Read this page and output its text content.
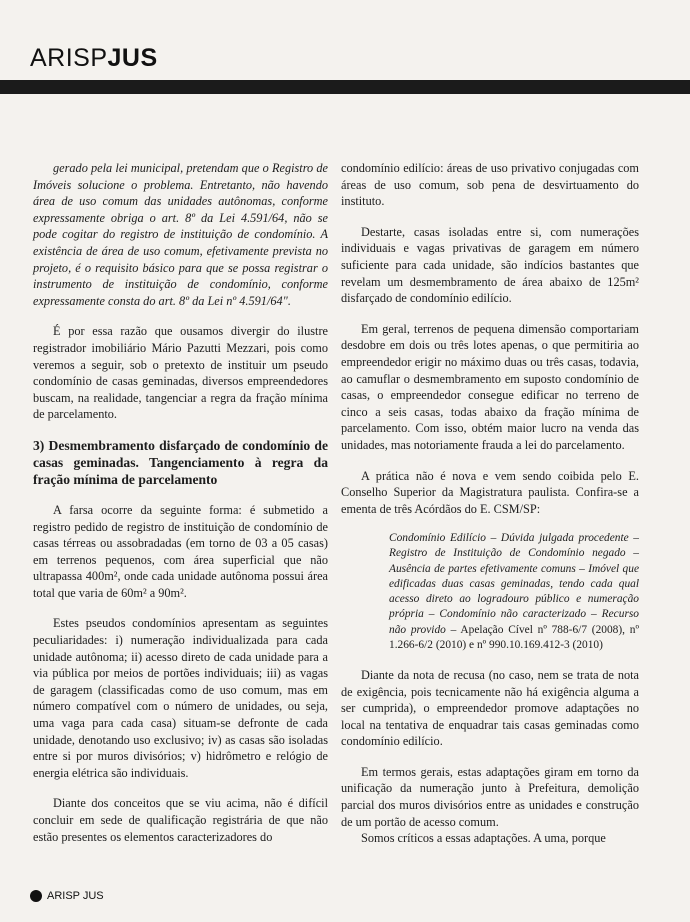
ARISPJUS

gerado pela lei municipal, pretendam que o Registro de Imóveis solucione o problema. Entretanto, não havendo área de uso comum das unidades autônomas, conforme expressamente obriga o art. 8º da Lei 4.591/64, não se pode cogitar do registro de instituição de condomínio. A existência de área de uso comum, efetivamente prevista no projeto, é o requisito básico para que se possa registrar o instrumento de instituição de condomínio, conforme expressamente consta do art. 8º da Lei nº 4.591/64".

É por essa razão que ousamos divergir do ilustre registrador imobiliário Mário Pazutti Mezzari, pois como veremos a seguir, sob o pretexto de instituir um pseudo condomínio de casas geminadas, diversos empreendedores buscam, na realidade, tangenciar a regra da fração mínima de parcelamento.

3) Desmembramento disfarçado de condomínio de casas geminadas. Tangenciamento à regra da fração mínima de parcelamento

A farsa ocorre da seguinte forma: é submetido a registro pedido de registro de instituição de condomínio de casas térreas ou assobradadas (em torno de 03 a 05 casas) em terrenos pequenos, com área superficial que não ultrapassa 400m², onde cada unidade autônoma possui área total que varia de 60m² a 90m².

Estes pseudos condomínios apresentam as seguintes peculiaridades: i) numeração individualizada para cada unidade autônoma; ii) acesso direto de cada unidade para a via pública por meios de portões individuais; iii) as vagas de garagem (classificadas como de uso comum, mas em número compatível com o número de unidades, ou seja, uma vaga para cada casa) situam-se defronte de cada unidade, denotando uso exclusivo; iv) as casas são isoladas entre si por muros divisórios; v) hidrômetro e relógio de energia elétrica são individuais.

Diante dos conceitos que se viu acima, não é difícil concluir em sede de qualificação registrária de que não estão presentes os elementos caracterizadores do

condomínio edilício: áreas de uso privativo conjugadas com áreas de uso comum, sob pena de desvirtuamento do instituto.

Destarte, casas isoladas entre si, com numerações individuais e vagas privativas de garagem em número suficiente para cada unidade, são indícios bastantes que revelam um desmembramento de área abaixo de 125m² disfarçado de condomínio edilício.

Em geral, terrenos de pequena dimensão comportariam desdobre em dois ou três lotes apenas, o que permitiria ao empreendedor erigir no máximo duas ou três casas, todavia, ao camuflar o desmembramento em suposto condomínio de casas, o empreendedor consegue edificar no terreno de cinco a seis casas, todas abaixo da fração mínima de parcelamento. Com isso, obtém maior lucro na venda das unidades, mas notoriamente frauda a lei do parcelamento.

A prática não é nova e vem sendo coibida pelo E. Conselho Superior da Magistratura paulista. Confira-se a ementa de três Acórdãos do E. CSM/SP:

Condomínio Edilício – Dúvida julgada procedente – Registro de Instituição de Condomínio negado – Ausência de partes efetivamente comuns – Imóvel que edificadas duas casas geminadas, tendo cada qual acesso direto ao logradouro público e numeração própria – Condomínio não caracterizado – Recurso não provido – Apelação Cível nº 788-6/7 (2008), nº 1.266-6/2 (2010) e nº 990.10.169.412-3 (2010)

Diante da nota de recusa (no caso, nem se trata de nota de exigência, pois tecnicamente não há exigência alguma a ser cumprida), o empreendedor promove adaptações no local na tentativa de enquadrar tais casas geminadas como condomínio edilício.

Em termos gerais, estas adaptações giram em torno da unificação da numeração junto à Prefeitura, demolição parcial dos muros divisórios entre as unidades e construção de um portão de acesso comum.

Somos críticos a essas adaptações. A uma, porque

ARISP JUS
